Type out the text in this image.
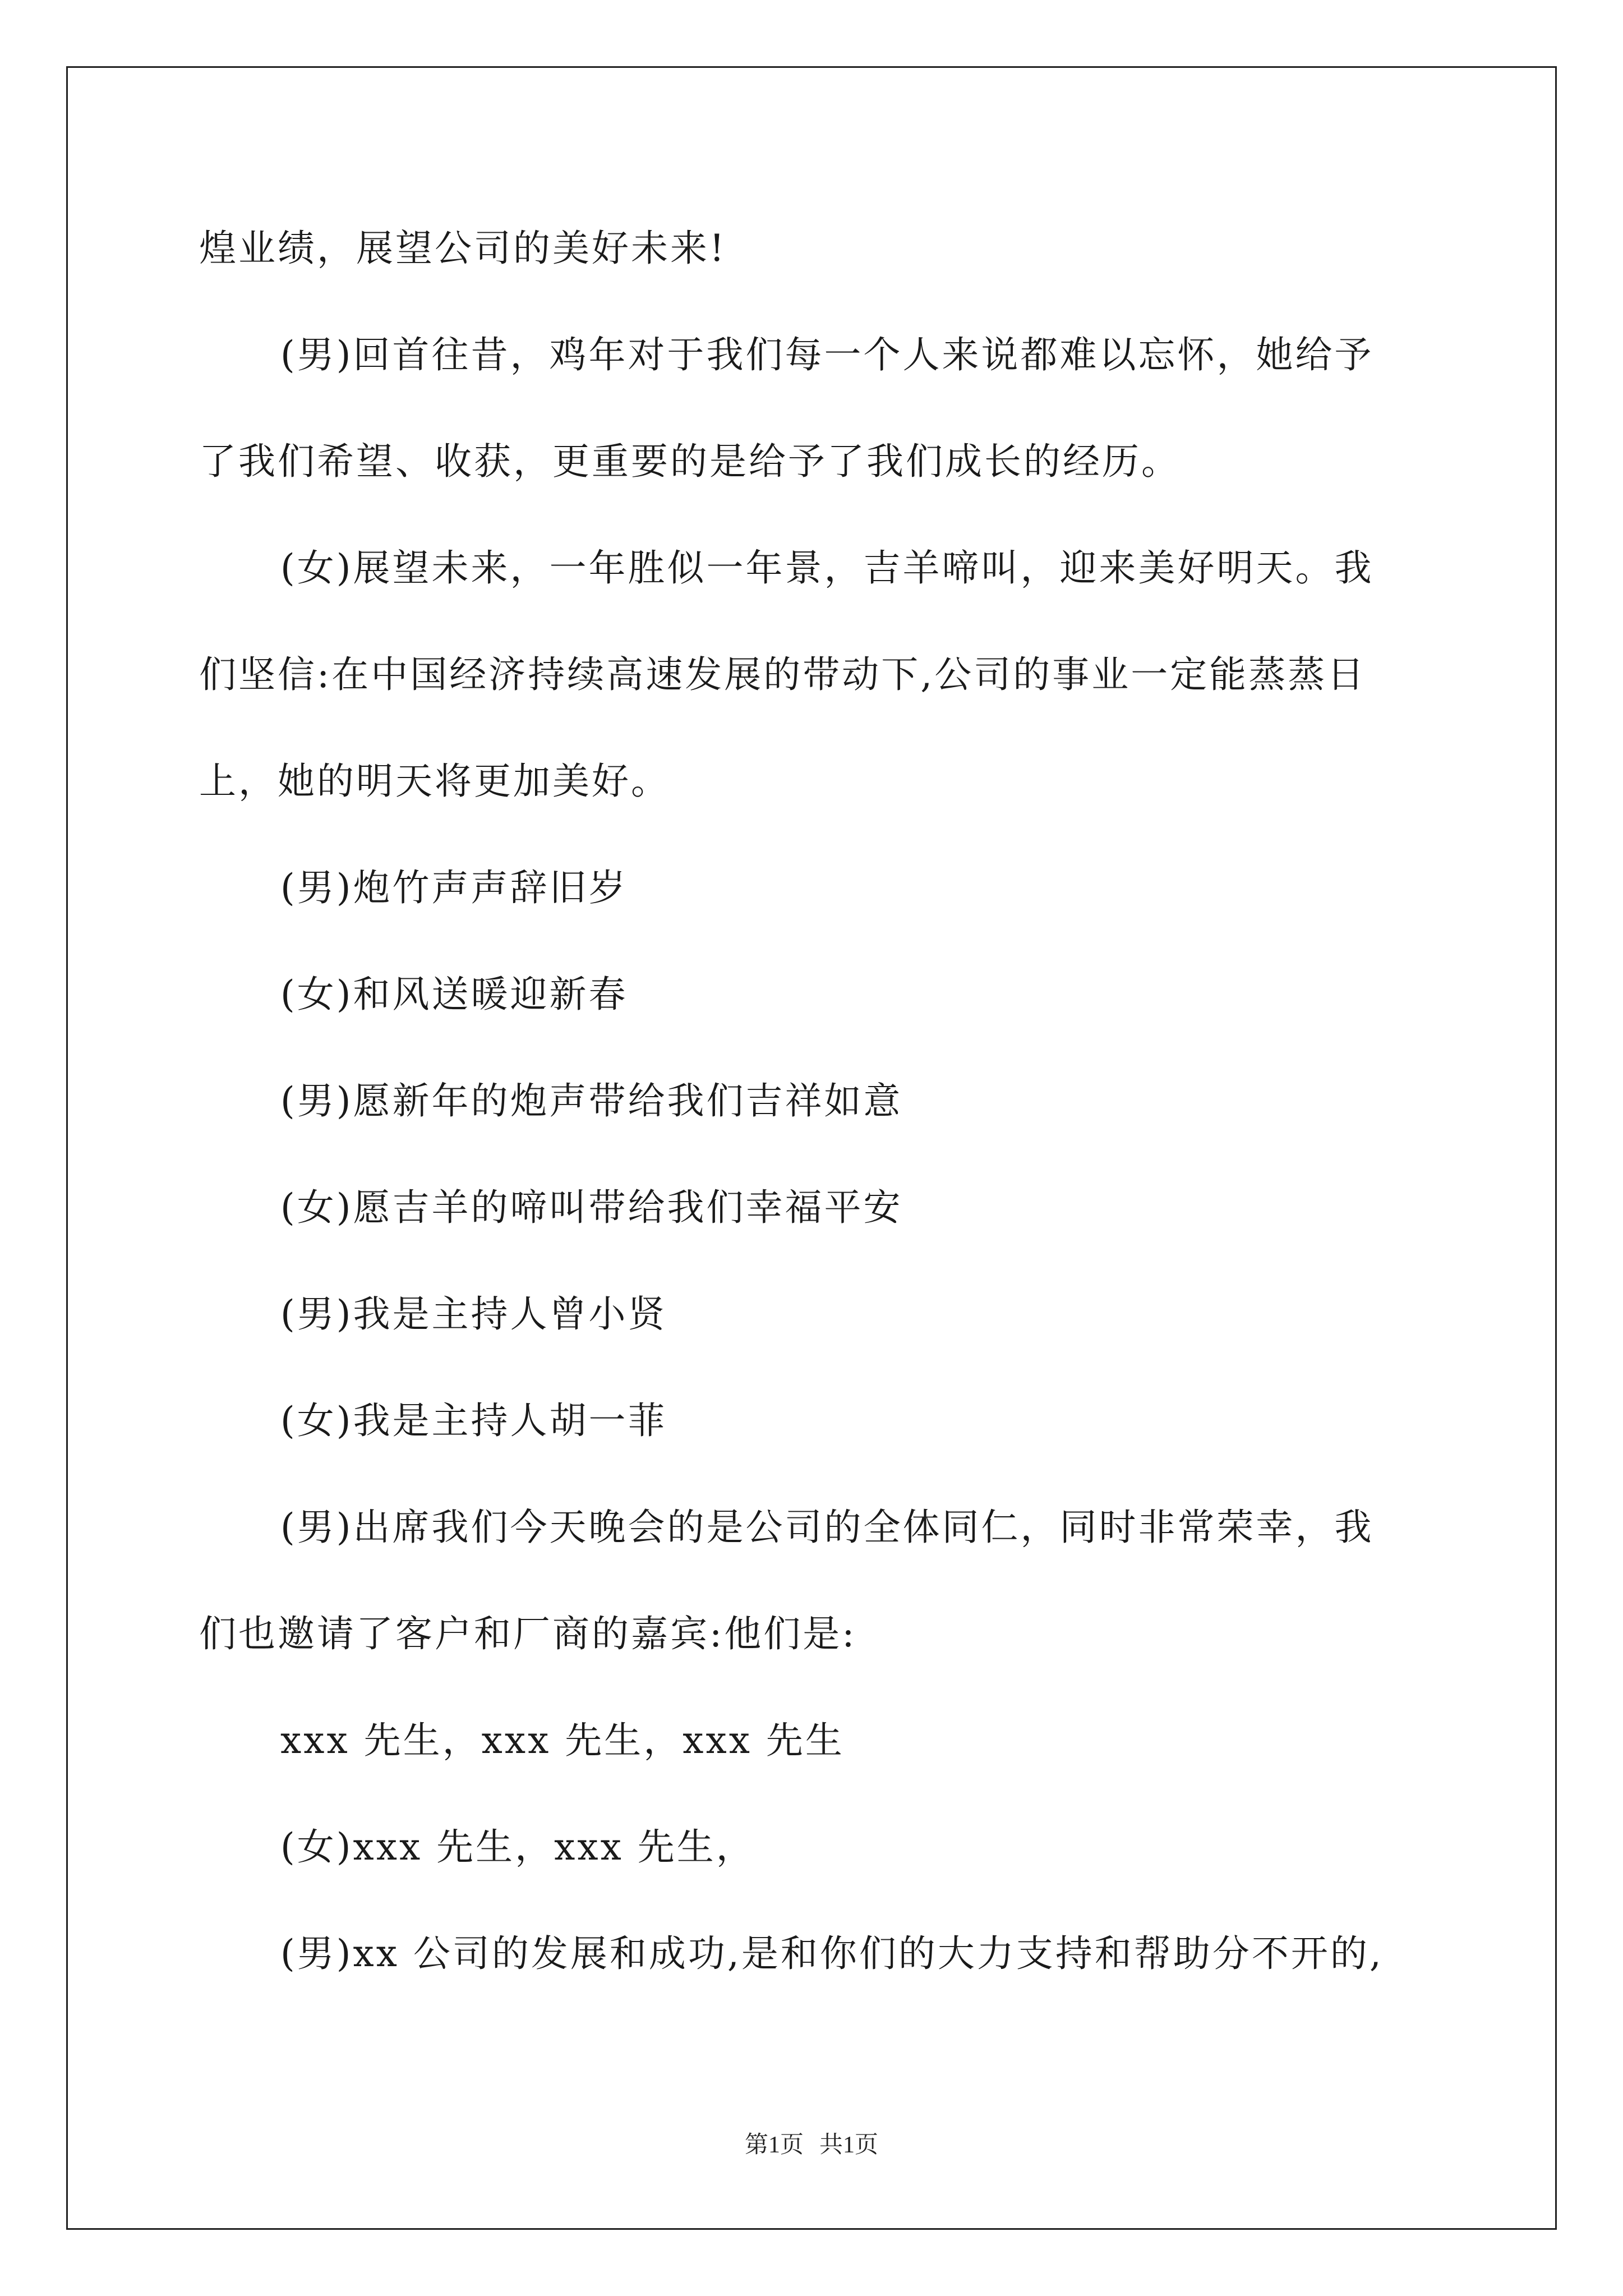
煌业绩，展望公司的美好未来!
(男)回首往昔，鸡年对于我们每一个人来说都难以忘怀，她给予
了我们希望、收获，更重要的是给予了我们成长的经历。
(女)展望未来，一年胜似一年景，吉羊啼叫，迎来美好明天。我
们坚信:在中国经济持续高速发展的带动下,公司的事业一定能蒸蒸日
上，她的明天将更加美好。
(男)炮竹声声辞旧岁
(女)和风送暖迎新春
(男)愿新年的炮声带给我们吉祥如意
(女)愿吉羊的啼叫带给我们幸福平安
(男)我是主持人曾小贤
(女)我是主持人胡一菲
(男)出席我们今天晚会的是公司的全体同仁，同时非常荣幸，我
们也邀请了客户和厂商的嘉宾:他们是:
xxx 先生，xxx 先生，xxx 先生
(女)xxx 先生，xxx 先生，
(男)xx 公司的发展和成功,是和你们的大力支持和帮助分不开的,
第1页 共1页
